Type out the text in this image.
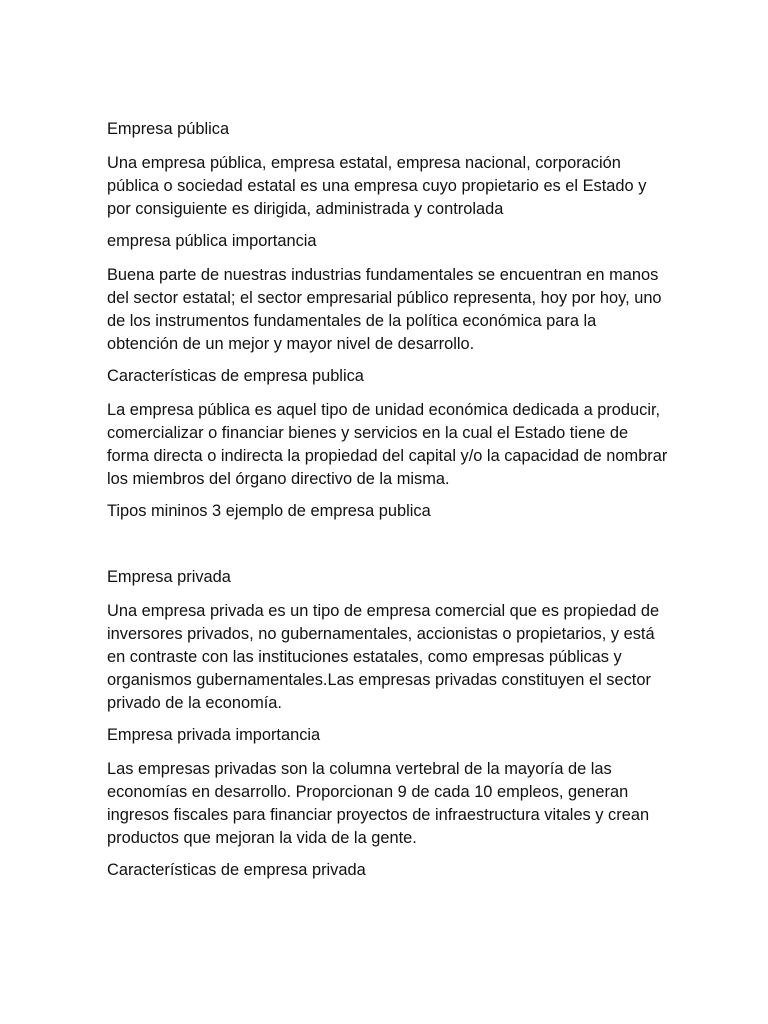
Empresa pública

Una empresa pública, empresa estatal, empresa nacional, corporación pública o sociedad estatal es una empresa cuyo propietario es el Estado y por consiguiente es dirigida, administrada y controlada

empresa pública importancia

Buena parte de nuestras industrias fundamentales se encuentran en manos del sector estatal; el sector empresarial público representa, hoy por hoy, uno de los instrumentos fundamentales de la política económica para la obtención de un mejor y mayor nivel de desarrollo.

Características de empresa publica

La empresa pública es aquel tipo de unidad económica dedicada a producir, comercializar o financiar bienes y servicios en la cual el Estado tiene de forma directa o indirecta la propiedad del capital y/o la capacidad de nombrar los miembros del órgano directivo de la misma.

Tipos mininos 3 ejemplo de empresa publica

Empresa privada

Una empresa privada es un tipo de empresa comercial que es propiedad de inversores privados, no gubernamentales, accionistas o propietarios, y está en contraste con las instituciones estatales, como empresas públicas y organismos gubernamentales.Las empresas privadas constituyen el sector privado de la economía.

Empresa privada importancia

Las empresas privadas son la columna vertebral de la mayoría de las economías en desarrollo. Proporcionan 9 de cada 10 empleos, generan ingresos fiscales para financiar proyectos de infraestructura vitales y crean productos que mejoran la vida de la gente.

Características de empresa privada
